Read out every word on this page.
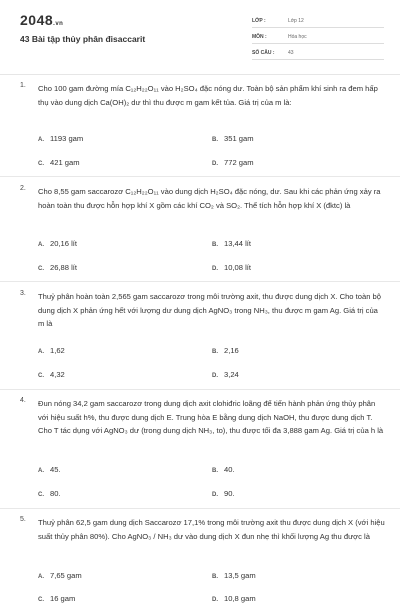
2048.vn
43 Bài tập thủy phân đisaccarit
LỚP :	Lớp 12
MÔN :	Hóa học
SỐ CÂU :	43
1. Cho 100 gam đường mía C₁₂H₂₂O₁₁ vào H₂SO₄ đặc nóng dư. Toàn bộ sản phẩm khí sinh ra đem hấp thụ vào dung dịch Ca(OH)₂ dư thì thu được m gam kết tủa. Giá trị của m là:
A. 1193 gam	B. 351 gam
C. 421 gam	D. 772 gam
2. Cho 8,55 gam saccarozơ C₁₂H₂₂O₁₁ vào dung dịch H₂SO₄ đặc nóng, dư. Sau khi các phản ứng xảy ra hoàn toàn thu được hỗn hợp khí X gồm các khí CO₂ và SO₂. Thể tích hỗn hợp khí X (đktc) là
A. 20,16 lít	B. 13,44 lít
C. 26,88 lít	D. 10,08 lít
3. Thuỷ phân hoàn toàn 2,565 gam saccarozơ trong môi trường axit, thu được dung dịch X. Cho toàn bộ dung dịch X phản ứng hết với lượng dư dung dịch AgNO₃ trong NH₃, thu được m gam Ag. Giá trị của m là
A. 1,62	B. 2,16
C. 4,32	D. 3,24
4. Đun nóng 34,2 gam saccarozơ trong dung dịch axit clohiđric loãng để tiến hành phản ứng thủy phân với hiệu suất h%, thu được dung dịch E. Trung hòa E bằng dung dịch NaOH, thu được dung dịch T. Cho T tác dụng với AgNO₃ dư (trong dung dịch NH₃, to), thu được tối đa 3,888 gam Ag. Giá trị của h là
A. 45.	B. 40.
C. 80.	D. 90.
5. Thuỷ phân 62,5 gam dung dịch Saccarozơ 17,1% trong môi trường axit thu được dung dịch X (với hiệu suất thủy phân 80%). Cho AgNO₃ / NH₃ dư vào dung dịch X đun nhẹ thì khối lượng Ag thu được là
A. 7,65 gam	B. 13,5 gam
C. 16 gam	D. 10,8 gam
